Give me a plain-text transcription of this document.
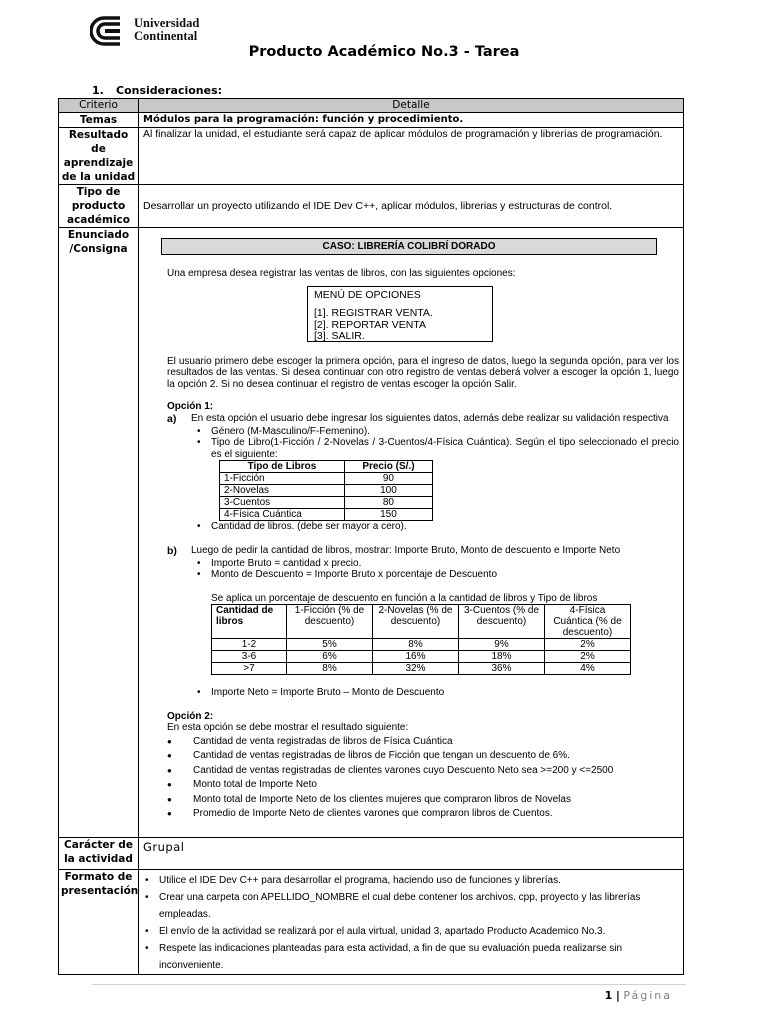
Universidad
Continental
Producto Académico No.3 - Tarea
1. Consideraciones:
Criterio	Detalle
Temas	Módulos para la programación: función y procedimiento.
Resultado de aprendizaje de la unidad	Al finalizar la unidad, el estudiante será capaz de aplicar módulos de programación y librerías de programación.
Tipo de producto académico	Desarrollar un proyecto utilizando el IDE Dev C++, aplicar módulos, librerias y estructuras de control.
Enunciado /Consigna	CASO: LIBRERÍA COLIBRÍ DORADO

Una empresa desea registrar las ventas de libros, con las siguientes opciones:

MENÚ DE OPCIONES
[1]. REGISTRAR VENTA.
[2]. REPORTAR VENTA
[3]. SALIR.

El usuario primero debe escoger la primera opción, para el ingreso de datos, luego la segunda opción, para ver los resultados de las ventas. Si desea continuar con otro registro de ventas deberá volver a escoger la opción 1, luego la opción 2. Si no desea continuar el registro de ventas escoger la opción Salir.

Opción 1:

a)	En esta opción el usuario debe ingresar los siguientes datos, además debe realizar su validación respectiva

• Género (M-Masculino/F-Femenino).
• Tipo de Libro(1-Ficción / 2-Novelas / 3-Cuentos/4-Física Cuántica). Según el tipo seleccionado el precio es el siguiente:
Tipo de Libros	Precio (S/.)
1-Ficción	90
2-Novelas	100
3-Cuentos	80
4-Física Cuántica	150
• Cantidad de libros. (debe ser mayor a cero).
b)	Luego de pedir la cantidad de libros, mostrar: Importe Bruto, Monto de descuento e Importe Neto

• Importe Bruto = cantidad x precio.
• Monto de Descuento = Importe Bruto x porcentaje de Descuento

Se aplica un porcentaje de descuento en función a la cantidad de libros y Tipo de libros

Cantidad de libros	1-Ficción (% de descuento)	2-Novelas (% de descuento)	3-Cuentos (% de descuento)	4-Física Cuántica (% de descuento)
1-2	5%	8%	9%	2%
3-6	6%	16%	18%	2%
>7	8%	32%	36%	4%
• Importe Neto = Importe Bruto – Monto de Descuento

Opción 2:

En esta opción se debe mostrar el resultado siguiente:

● Cantidad de venta registradas de libros de Física Cuántica
● Cantidad de ventas registradas de libros de Ficción que tengan un descuento de 6%.
● Cantidad de ventas registradas de clientes varones cuyo Descuento Neto sea >=200 y <=2500
● Monto total de Importe Neto
● Monto total de Importe Neto de los clientes mujeres que compraron libros de Novelas
● Promedio de Importe Neto de clientes varones que compraron libros de Cuentos.

Carácter de la actividad	Grupal
Formato de presentación	
• Utilice el IDE Dev C++ para desarrollar el programa, haciendo uso de funciones y librerías.
• Crear una carpeta con APELLIDO_NOMBRE el cual debe contener los archivos. cpp, proyecto y las librerías empleadas.
• El envío de la actividad se realizará por el aula virtual, unidad 3, apartado Producto Academico No.3.
• Respete las indicaciones planteadas para esta actividad, a fin de que su evaluación pueda realizarse sin inconveniente.
1 | Página
